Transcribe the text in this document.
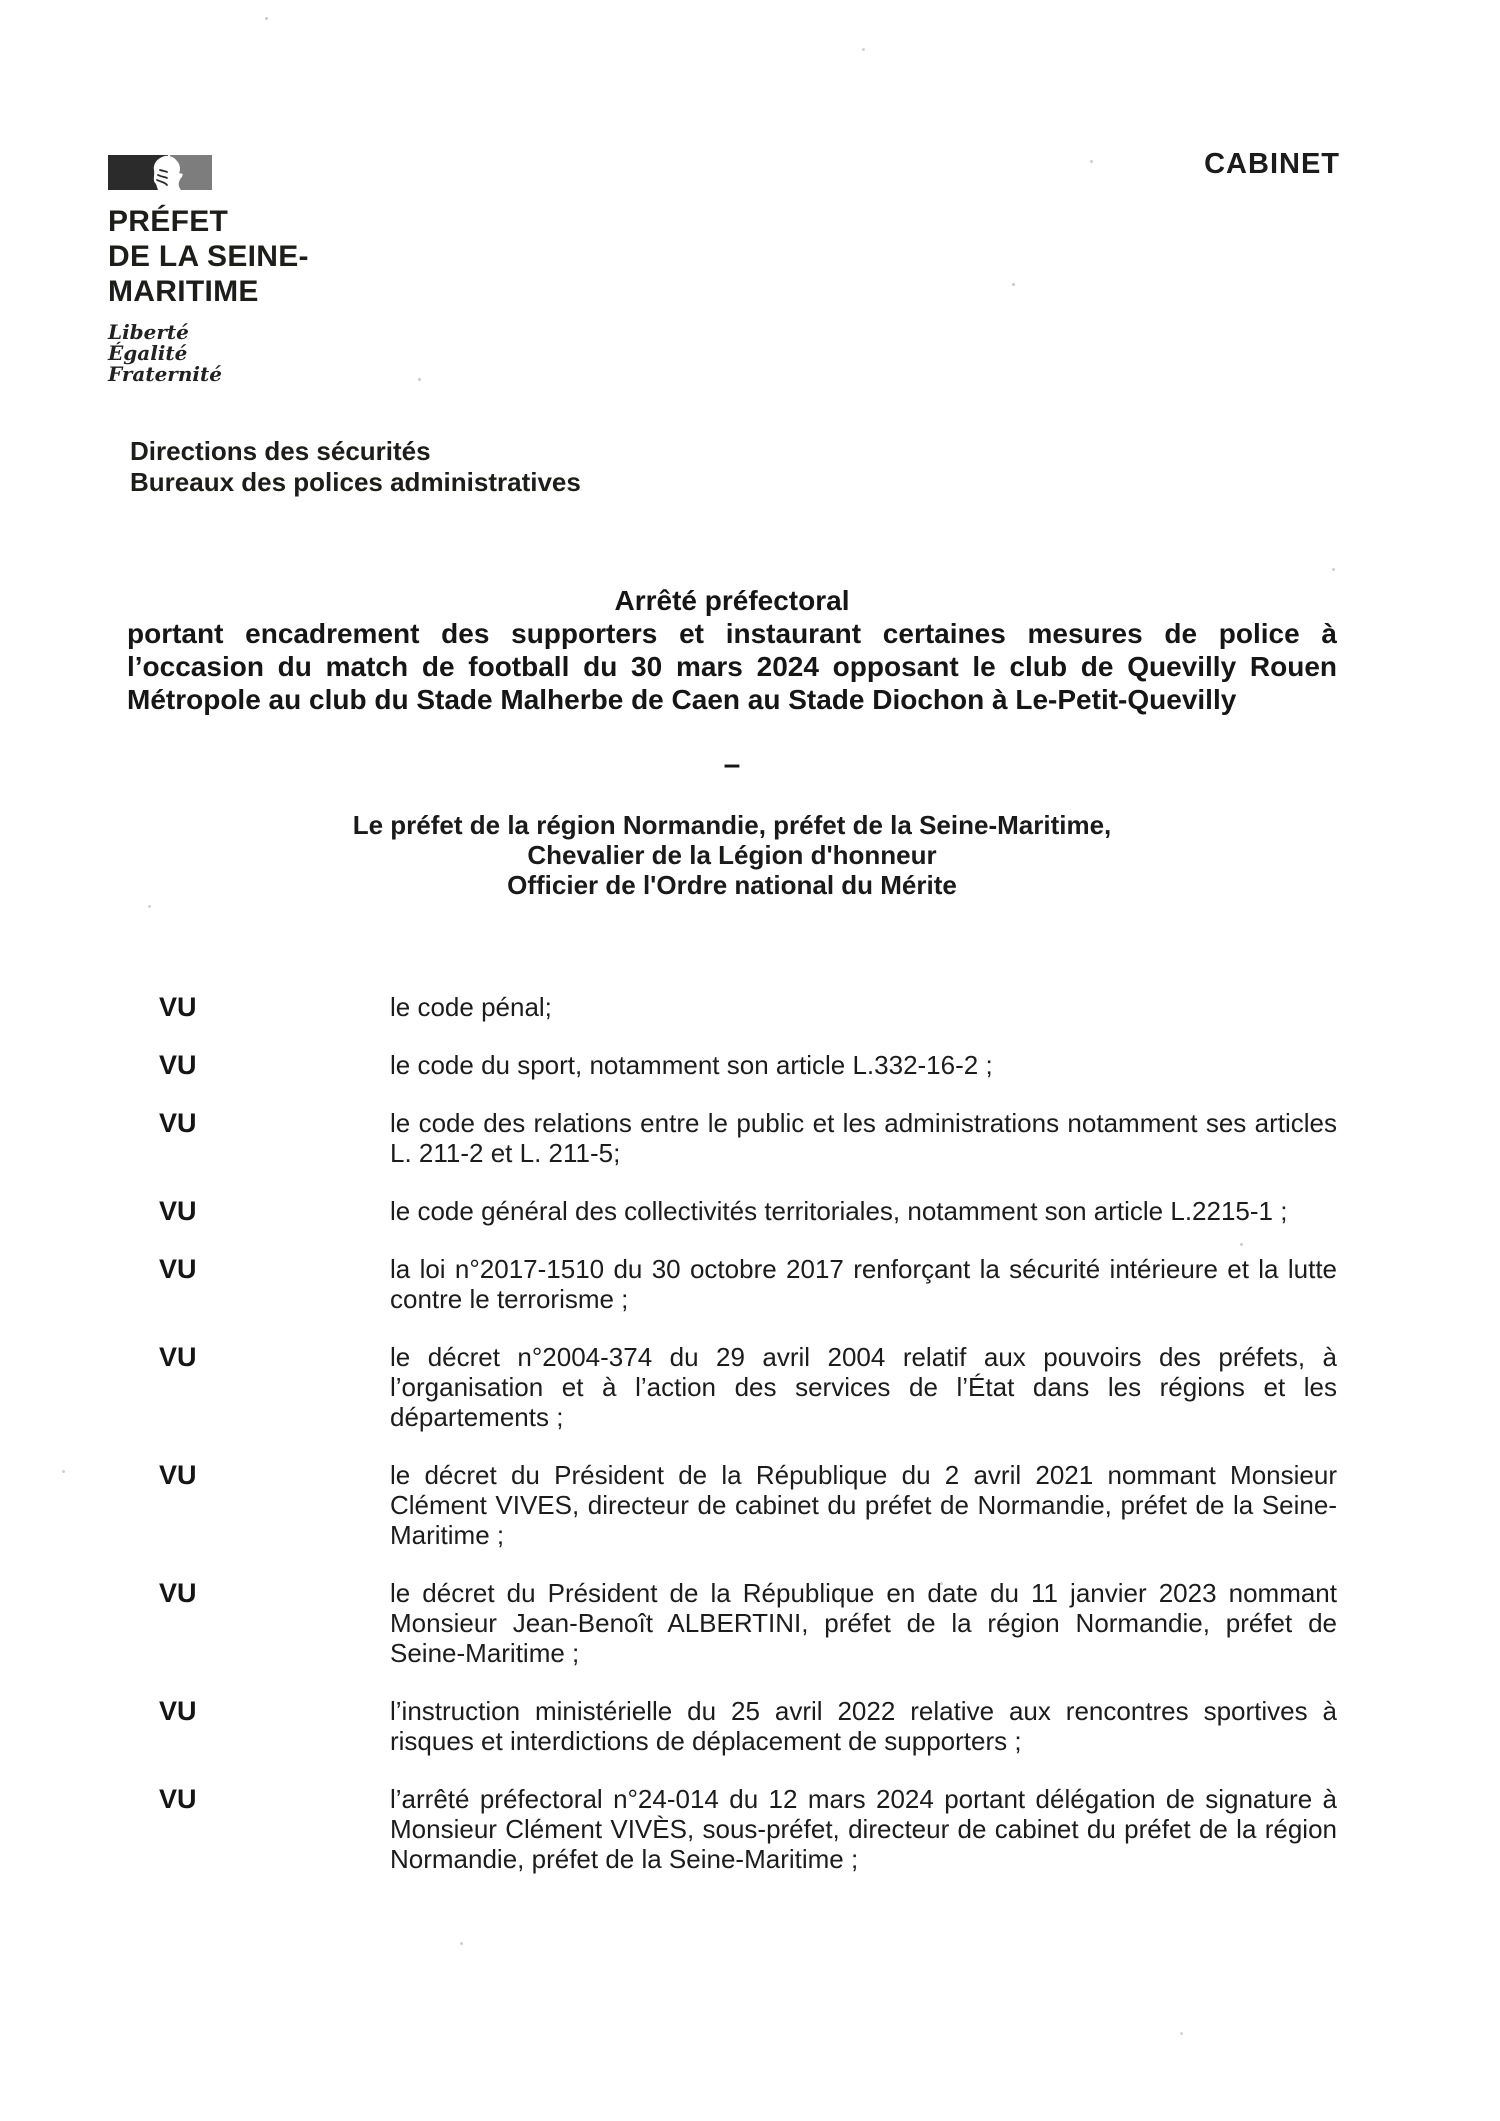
PRÉFET
DE LA SEINE-
MARITIME
Liberté
Égalité
Fraternité
CABINET
Directions des sécurités
Bureaux des polices administratives
Arrêté préfectoral
portant encadrement des supporters et instaurant certaines mesures de police à l’occasion du match de football du 30 mars 2024 opposant le club de Quevilly Rouen Métropole au club du Stade Malherbe de Caen au Stade Diochon à Le-Petit-Quevilly
–
Le préfet de la région Normandie, préfet de la Seine-Maritime,
Chevalier de la Légion d'honneur
Officier de l'Ordre national du Mérite
VU	le code pénal;
VU	le code du sport, notamment son article L.332-16-2 ;
VU	le code des relations entre le public et les administrations notamment ses articles L. 211-2 et L. 211-5;
VU	le code général des collectivités territoriales, notamment son article L.2215-1 ;
VU	la loi n°2017-1510 du 30 octobre 2017 renforçant la sécurité intérieure et la lutte contre le terrorisme ;
VU	le décret n°2004-374 du 29 avril 2004 relatif aux pouvoirs des préfets, à l’organisation et à l’action des services de l’État dans les régions et les départements ;
VU	le décret du Président de la République du 2 avril 2021 nommant Monsieur Clément VIVES, directeur de cabinet du préfet de Normandie, préfet de la Seine-Maritime ;
VU	le décret du Président de la République en date du 11 janvier 2023 nommant Monsieur Jean-Benoît ALBERTINI, préfet de la région Normandie, préfet de Seine-Maritime ;
VU	l’instruction ministérielle du 25 avril 2022 relative aux rencontres sportives à risques et interdictions de déplacement de supporters ;
VU	l’arrêté préfectoral n°24-014 du 12 mars 2024 portant délégation de signature à Monsieur Clément VIVÈS, sous-préfet, directeur de cabinet du préfet de la région Normandie, préfet de la Seine-Maritime ;
